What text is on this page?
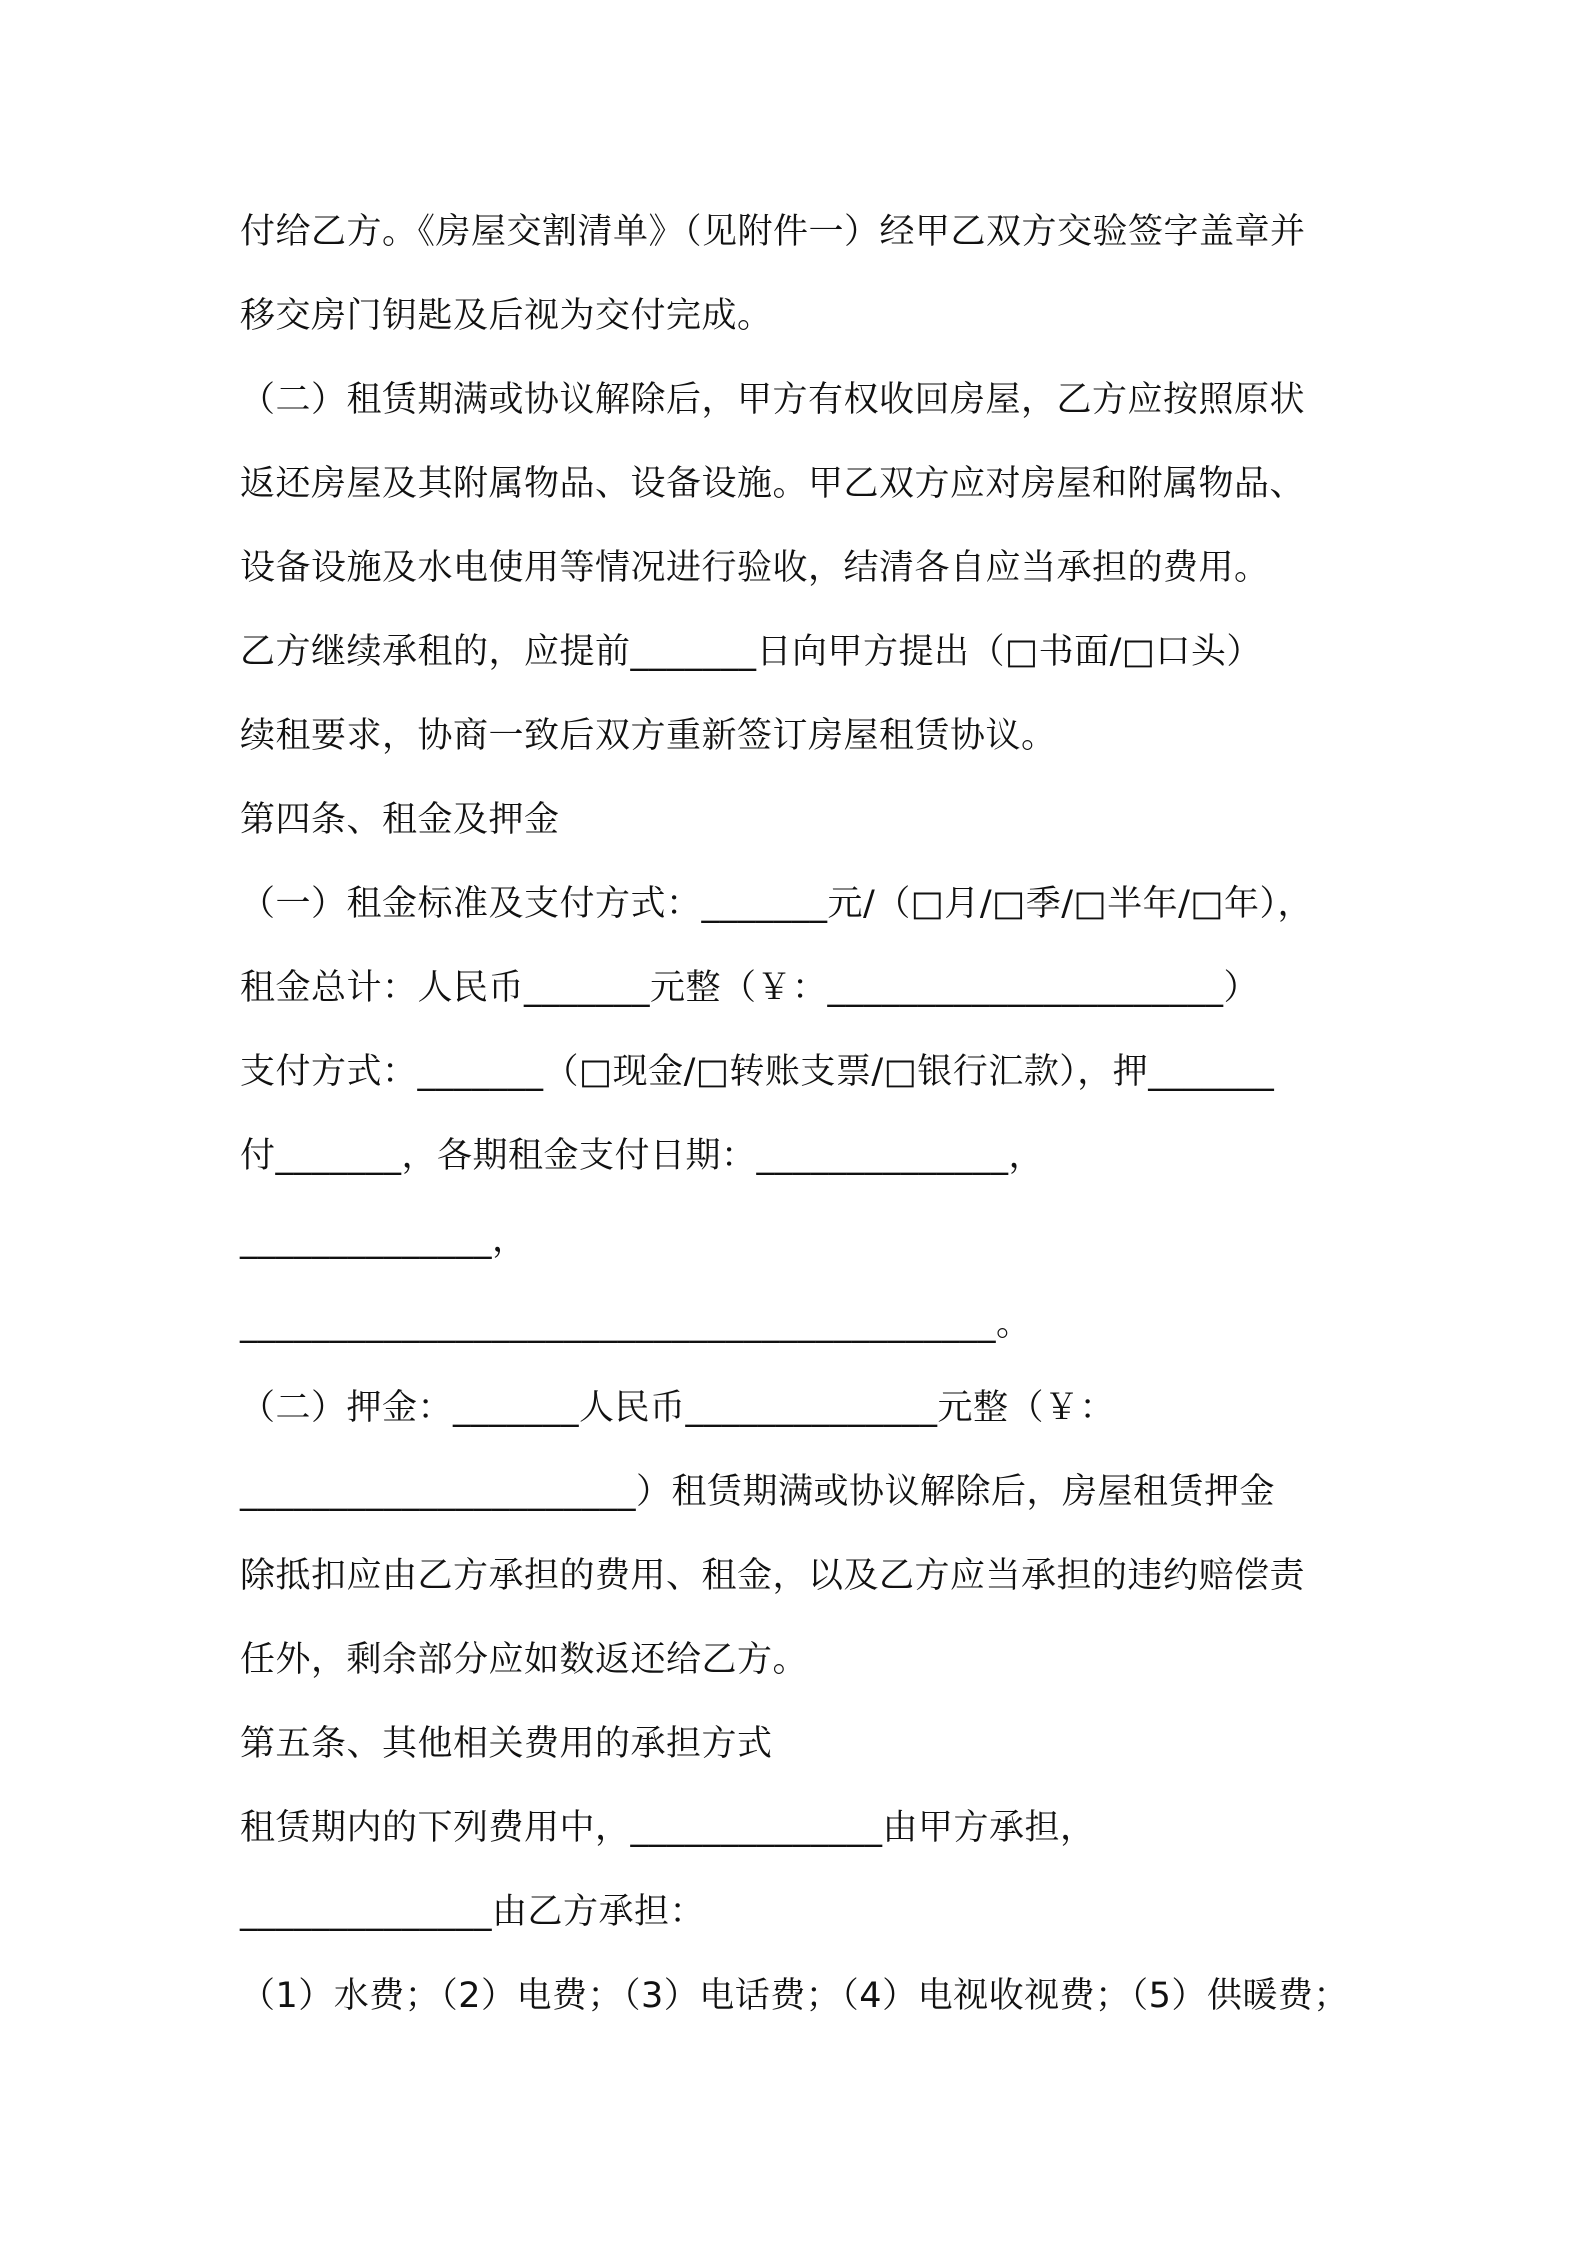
付给乙方。《房屋交割清单》（见附件一）经甲乙双方交验签字盖章并
移交房门钥匙及后视为交付完成。
（二）租赁期满或协议解除后，甲方有权收回房屋，乙方应按照原状
返还房屋及其附属物品、设备设施。甲乙双方应对房屋和附属物品、
设备设施及水电使用等情况进行验收，结清各自应当承担的费用。
乙方继续承租的，应提前_______日向甲方提出（□书面/□口头）
续租要求，协商一致后双方重新签订房屋租赁协议。
第四条、租金及押金
（一）租金标准及支付方式：_______元/（□月/□季/□半年/□年），
租金总计：人民币_______元整（￥：______________________）
支付方式：_______（□现金/□转账支票/□银行汇款），押_______
付_______，各期租金支付日期：______________，
______________，
__________________________________________。
（二）押金：_______人民币______________元整（￥：
______________________）租赁期满或协议解除后，房屋租赁押金
除抵扣应由乙方承担的费用、租金，以及乙方应当承担的违约赔偿责
任外，剩余部分应如数返还给乙方。
第五条、其他相关费用的承担方式
租赁期内的下列费用中，______________由甲方承担，
______________由乙方承担：
（1）水费；（2）电费；（3）电话费；（4）电视收视费；（5）供暖费；
